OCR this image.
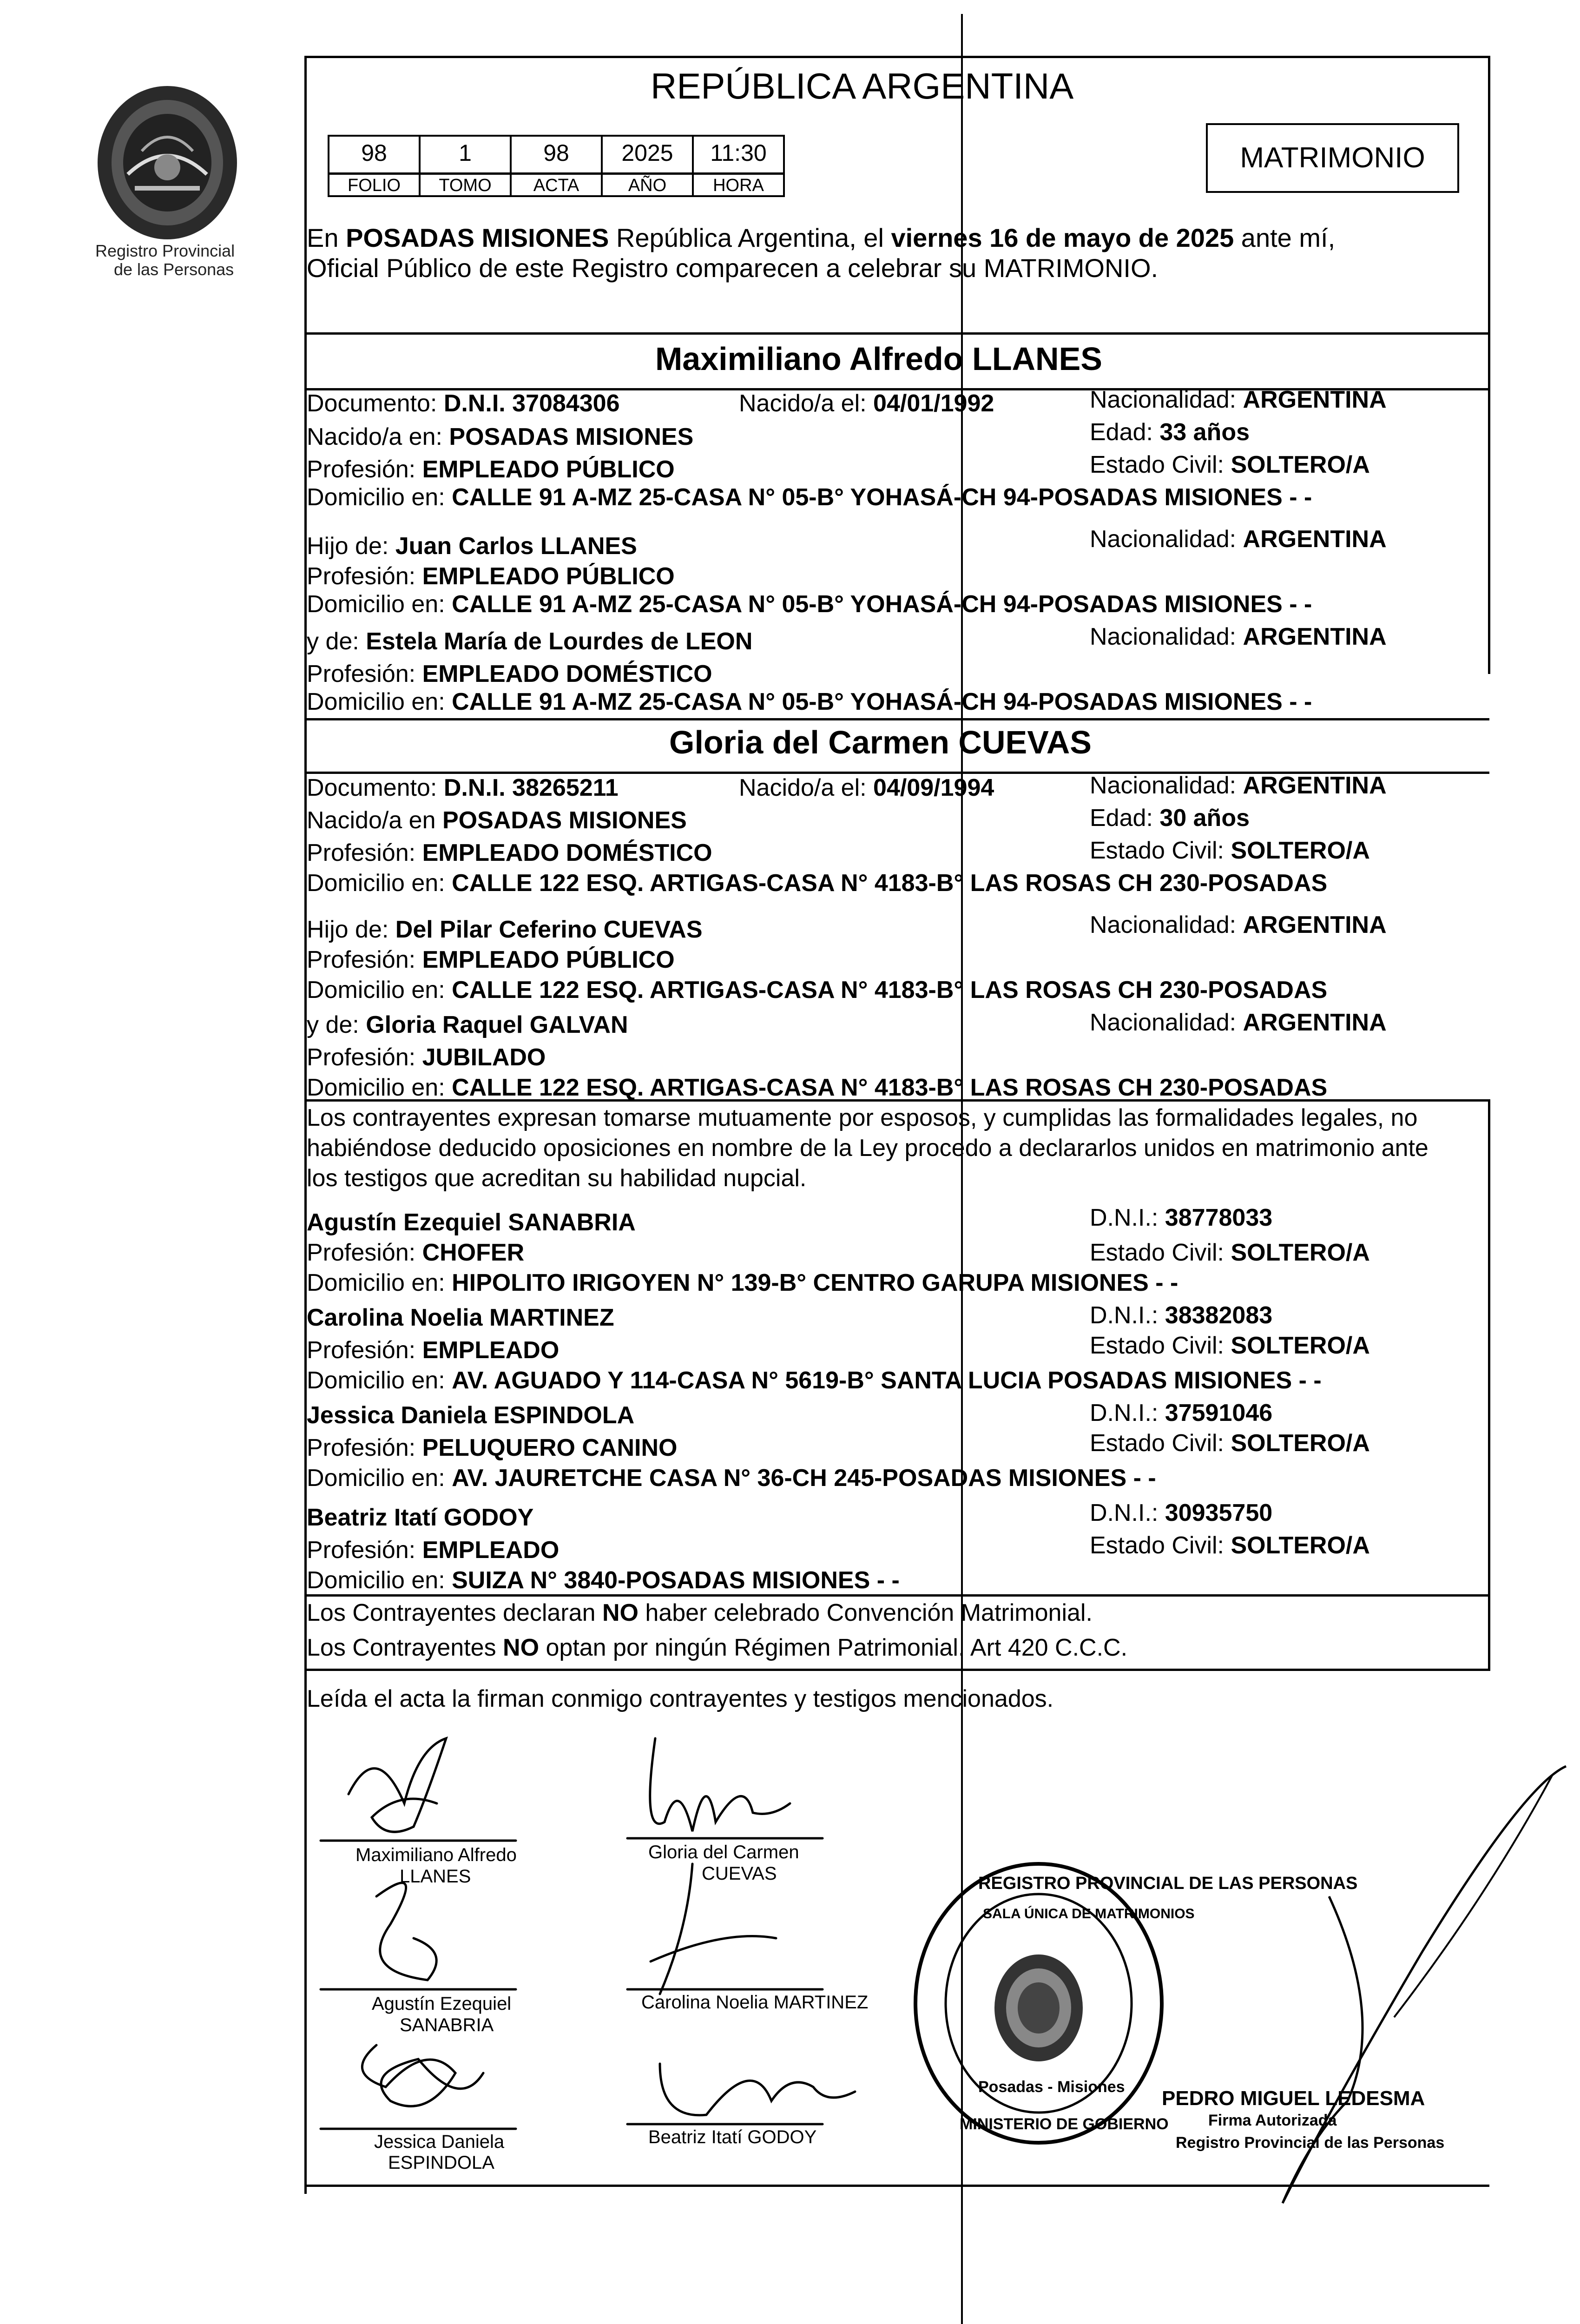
Registro Provincial
de las Personas
REPÚBLICA ARGENTINA
MATRIMONIO
98	1	98	2025	11:30
FOLIO	TOMO	ACTA	AÑO	HORA
En POSADAS MISIONES República Argentina, el viernes 16 de mayo de 2025 ante mí,
Oficial Público de este Registro comparecen a celebrar su MATRIMONIO.
Maximiliano Alfredo LLANES
Documento: D.N.I. 37084306	Nacido/a el: 04/01/1992	Nacionalidad: ARGENTINA
Nacido/a en: POSADAS MISIONES	Edad: 33 años
Profesión: EMPLEADO PÚBLICO	Estado Civil: SOLTERO/A
Domicilio en: CALLE 91 A-MZ 25-CASA N° 05-B° YOHASÁ-CH 94-POSADAS MISIONES - -
Hijo de: Juan Carlos LLANES	Nacionalidad: ARGENTINA
Profesión: EMPLEADO PÚBLICO
Domicilio en: CALLE 91 A-MZ 25-CASA N° 05-B° YOHASÁ-CH 94-POSADAS MISIONES - -
y de: Estela María de Lourdes de LEON	Nacionalidad: ARGENTINA
Profesión: EMPLEADO DOMÉSTICO
Domicilio en: CALLE 91 A-MZ 25-CASA N° 05-B° YOHASÁ-CH 94-POSADAS MISIONES - -
Gloria del Carmen CUEVAS
Documento: D.N.I. 38265211	Nacido/a el: 04/09/1994	Nacionalidad: ARGENTINA
Nacido/a en POSADAS MISIONES	Edad: 30 años
Profesión: EMPLEADO DOMÉSTICO	Estado Civil: SOLTERO/A
Domicilio en: CALLE 122 ESQ. ARTIGAS-CASA N° 4183-B° LAS ROSAS CH 230-POSADAS
Hijo de: Del Pilar Ceferino CUEVAS	Nacionalidad: ARGENTINA
Profesión: EMPLEADO PÚBLICO
Domicilio en: CALLE 122 ESQ. ARTIGAS-CASA N° 4183-B° LAS ROSAS CH 230-POSADAS
y de: Gloria Raquel GALVAN	Nacionalidad: ARGENTINA
Profesión: JUBILADO
Domicilio en: CALLE 122 ESQ. ARTIGAS-CASA N° 4183-B° LAS ROSAS CH 230-POSADAS
Los contrayentes expresan tomarse mutuamente por esposos, y cumplidas las formalidades legales, no
habiéndose deducido oposiciones en nombre de la Ley procedo a declararlos unidos en matrimonio ante
los testigos que acreditan su habilidad nupcial.
Agustín Ezequiel SANABRIA	D.N.I.: 38778033
Profesión: CHOFER	Estado Civil: SOLTERO/A
Domicilio en: HIPOLITO IRIGOYEN N° 139-B° CENTRO GARUPA MISIONES - -
Carolina Noelia MARTINEZ	D.N.I.: 38382083
Profesión: EMPLEADO	Estado Civil: SOLTERO/A
Domicilio en: AV. AGUADO Y 114-CASA N° 5619-B° SANTA LUCIA POSADAS MISIONES - -
Jessica Daniela ESPINDOLA	D.N.I.: 37591046
Profesión: PELUQUERO CANINO	Estado Civil: SOLTERO/A
Domicilio en: AV. JAURETCHE CASA N° 36-CH 245-POSADAS MISIONES - -
Beatriz Itatí GODOY	D.N.I.: 30935750
Profesión: EMPLEADO	Estado Civil: SOLTERO/A
Domicilio en: SUIZA N° 3840-POSADAS MISIONES - -
Los Contrayentes declaran NO haber celebrado Convención Matrimonial.
Los Contrayentes NO optan por ningún Régimen Patrimonial. Art 420 C.C.C.
Leída el acta la firman conmigo contrayentes y testigos mencionados.
Maximiliano Alfredo
LLANES
Gloria del Carmen
CUEVAS
Agustín Ezequiel
SANABRIA
Carolina Noelia MARTINEZ
Jessica Daniela
ESPINDOLA
Beatriz Itatí GODOY
REGISTRO PROVINCIAL DE LAS PERSONAS
SALA ÚNICA DE MATRIMONIOS
Posadas - Misiones
MINISTERIO DE GOBIERNO
PEDRO MIGUEL LEDESMA
Firma Autorizada
Registro Provincial de las Personas
